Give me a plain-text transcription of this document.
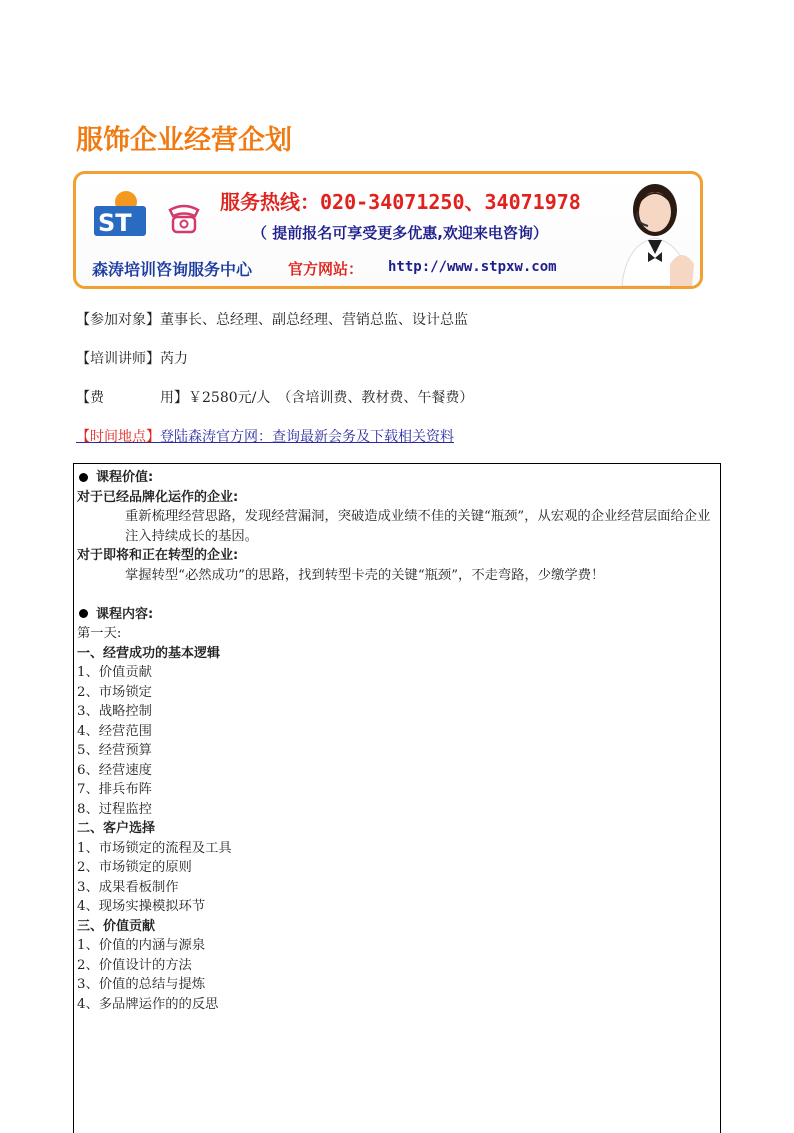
服饰企业经营企划
ST
服务热线：020-34071250、34071978
（ 提前报名可享受更多优惠,欢迎来电咨询）
森涛培训咨询服务中心 官方网站： http://www.stpxw.com
【参加对象】董事长、总经理、副总经理、营销总监、设计总监
【培训讲师】芮力
【费　　　　用】￥2580元/人　（含培训费、教材费、午餐费）
【时间地点】登陆森涛官方网：查询最新会务及下载相关资料
课程价值:
对于已经品牌化运作的企业:
重新梳理经营思路，发现经营漏洞，突破造成业绩不佳的关键“瓶颈”，从宏观的企业经营层面给企业注入持续成长的基因。
对于即将和正在转型的企业:
掌握转型“必然成功”的思路，找到转型卡壳的关键“瓶颈”，不走弯路，少缴学费！
课程内容:
第一天:
一、经营成功的基本逻辑
1、价值贡献
2、市场锁定
3、战略控制
4、经营范围
5、经营预算
6、经营速度
7、排兵布阵
8、过程监控
二、客户选择
1、市场锁定的流程及工具
2、市场锁定的原则
3、成果看板制作
4、现场实操模拟环节
三、价值贡献
1、价值的内涵与源泉
2、价值设计的方法
3、价值的总结与提炼
4、多品牌运作的的反思
